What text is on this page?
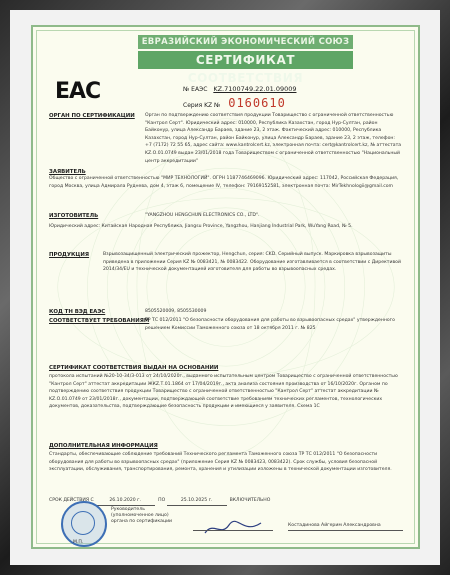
ЕВРАЗИЙСКИЙ ЭКОНОМИЧЕСКИЙ СОЮЗ
СЕРТИФИКАТ СООТВЕТСТВИЯ
ЕАС	№ ЕАЭС KZ.7100749.22.01.09009
Серия KZ № 0160610
ОРГАН ПО СЕРТИФИКАЦИИ Орган по подтверждению соответствия продукции Товарищество с ограниченной ответственностью "Кантрол Серт". Юридический адрес: 010000, Республика Казахстан, город Нур-Султан, район Байконур, улица Александр Бараев, здание 23, 2 этаж. Фактический адрес: 010000, Республика Казахстан, город Нур-Султан, район Байконур, улица Александр Бараев, здание 23, 2 этаж, телефон: +7 (7172) 72 55 65, адрес сайта: www.kantrolcert.kz, электронная почта: cert@kantrolcert.kz, № аттестата KZ.О.01.0749 выдан 23/01/2018 года Товариществом с ограниченной ответственностью "Национальный центр аккредитации"
ЗАЯВИТЕЛЬ
Общество с ограниченной ответственностью "МИР ТЕХНОЛОГИЙ". ОГРН 1187746469096. Юридический адрес: 117042, Российская Федерация, город Москва, улица Адмирала Руднева, дом 4, этаж 6, помещение IV, телефон: 79169152581, электронная почта: MirTekhnologii@gmail.com
ИЗГОТОВИТЕЛЬ	"YANGZHOU HENGCHUN ELECTRONICS CO., LTD".
Юридический адрес: Китайская Народная Республика, Jiangsu Province, Yangzhou, Hanjiang Industrial Park, WuYang Road, № 5.
ПРОДУКЦИЯ	Взрывозащищенный электрический прожектор, Hengchun, серия: CKD. Серийный выпуск. Маркировка взрывозащиты приведена в приложении Серия KZ № 0083421, № 0083422. Оборудование изготавливается в соответствии с Директивой 2014/34/EU и технической документацией изготовителя для работы во взрывоопасных средах.
КОД ТН ВЭД ЕАЭС	8505520009, 8505530009
СООТВЕТСТВУЕТ ТРЕБОВАНИЯМ
ТР ТС 012/2011 "О безопасности оборудования для работы во взрывоопасных средах" утвержденного решением Комиссии Таможенного союза от 18 октября 2011 г. № 825
СЕРТИФИКАТ СООТВЕТСТВИЯ ВЫДАН НА ОСНОВАНИИ
протокола испытаний №20-10-34/3-013 от 24/10/2020г., выданного испытательным центром Товарищество с ограниченной ответственностью "Кантрол Серт" аттестат аккредитации ЖКZ.Т.01.1864 от 17/04/2019г., акта анализа состояния производства от 16/10/2020г. Органом по подтверждению соответствия продукции Товарищество с ограниченной ответственностью "Кантрол Серт" аттестат аккредитации № KZ.О.01.0749 от 23/01/2018г., документации, подтверждающей соответствие требованиям технических регламентов, технологических документов, доказательства, подтверждающие безопасность продукции и имеющиеся у заявителя. Схема 1С
ДОПОЛНИТЕЛЬНАЯ ИНФОРМАЦИЯ
Стандарты, обеспечивающие соблюдение требований Технического регламента Таможенного союза ТР ТС 012/2011 "О безопасности оборудования для работы во взрывоопасных средах" (приложение Серия KZ № 0083423, 0083422). Срок службы, условия безопасной эксплуатации, обслуживания, транспортирования, ремонта, хранения и утилизации изложены в технической документации изготовителя.
СРОК ДЕЙСТВИЯ С	26.10.2020 г.	ПО	25.10.2025 г.	ВКЛЮЧИТЕЛЬНО
Руководитель (уполномоченное лицо) органа по сертификации
Костадинова Айгерим Александровна
М.П.
